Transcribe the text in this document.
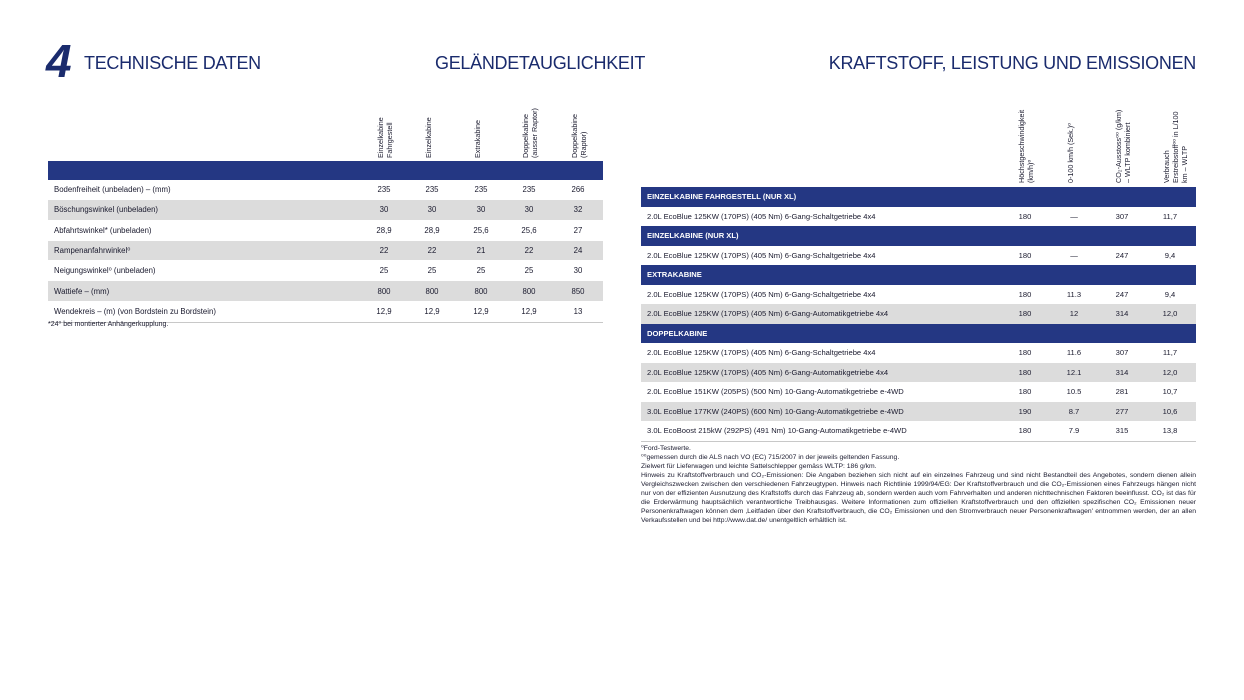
4 TECHNISCHE DATEN	GELÄNDETAUGLICHKEIT	KRAFTSTOFF, LEISTUNG UND EMISSIONEN
Einzelkabine Fahrgestell	Einzelkabine	Extrakabine	Doppelkabine (ausser Raptor)	Doppelkabine (Raptor)
Bodenfreiheit (unbeladen) – (mm)	235	235	235	235	266
Böschungswinkel (unbeladen)	30	30	30	30	32
Abfahrtswinkel* (unbeladen)	28,9	28,9	25,6	25,6	27
Rampenanfahrwinkel⁰	22	22	21	22	24
Neigungswinkel⁰ (unbeladen)	25	25	25	25	30
Wattiefe – (mm)	800	800	800	800	850
Wendekreis – (m) (von Bordstein zu Bordstein)	12,9	12,9	12,9	12,9	13
*24⁰ bei montierter Anhängerkupplung.
Höchstgeschwindigkeit (km/h)⁰	0-100 km/h (Sek.)⁰	CO₂-Ausstoss⁰⁰ (g/km) – WLTP kombiniert	Verbrauch Erstreibstoff⁰⁰ in L/100 km – WLTP
EINZELKABINE FAHRGESTELL (NUR XL)
2.0L EcoBlue 125KW (170PS) (405 Nm) 6-Gang-Schaltgetriebe 4x4	180	—	307	11,7
EINZELKABINE (NUR XL)
2.0L EcoBlue 125KW (170PS) (405 Nm) 6-Gang-Schaltgetriebe 4x4	180	—	247	9,4
EXTRAKABINE
2.0L EcoBlue 125KW (170PS) (405 Nm) 6-Gang-Schaltgetriebe 4x4	180	11.3	247	9,4
2.0L EcoBlue 125KW (170PS) (405 Nm) 6-Gang-Automatikgetriebe 4x4	180	12	314	12,0
DOPPELKABINE
2.0L EcoBlue 125KW (170PS) (405 Nm) 6-Gang-Schaltgetriebe 4x4	180	11.6	307	11,7
2.0L EcoBlue 125KW (170PS) (405 Nm) 6-Gang-Automatikgetriebe 4x4	180	12.1	314	12,0
2.0L EcoBlue 151KW (205PS) (500 Nm) 10-Gang-Automatikgetriebe e-4WD	180	10.5	281	10,7
3.0L EcoBlue 177KW (240PS) (600 Nm) 10-Gang-Automatikgetriebe e-4WD	190	8.7	277	10,6
3.0L EcoBoost 215kW (292PS) (491 Nm) 10-Gang-Automatikgetriebe e-4WD	180	7.9	315	13,8

⁰Ford-Testwerte.

⁰⁰gemessen durch die ALS nach VO (EC) 715/2007 in der jeweils geltenden Fassung.

Zielwert für Lieferwagen und leichte Sattelschlepper gemäss WLTP: 186 g/km.

Hinweis zu Kraftstoffverbrauch und CO₂-Emissionen: Die Angaben beziehen sich nicht auf ein einzelnes Fahrzeug und sind nicht Bestandteil des Angebotes, sondern dienen allein Vergleichszwecken zwischen den verschiedenen Fahrzeugtypen. Hinweis nach Richtlinie 1999/94/EG: Der Kraftstoffverbrauch und die CO₂-Emissionen eines Fahrzeugs hängen nicht nur von der effizienten Ausnutzung des Kraftstoffs durch das Fahrzeug ab, sondern werden auch vom Fahrverhalten und anderen nichttechnischen Faktoren beeinflusst. CO₂ ist das für die Erderwärmung hauptsächlich verantwortliche Treibhausgas. Weitere Informationen zum offiziellen Kraftstoffverbrauch und den offiziellen spezifischen CO₂ Emissionen neuer Personenkraftwagen können dem ‚Leitfaden über den Kraftstoffverbrauch, die CO₂ Emissionen und den Stromverbrauch neuer Personenkraftwagen' entnommen werden, der an allen Verkaufsstellen und bei http://www.dat.de/ unentgeltlich erhältlich ist.
